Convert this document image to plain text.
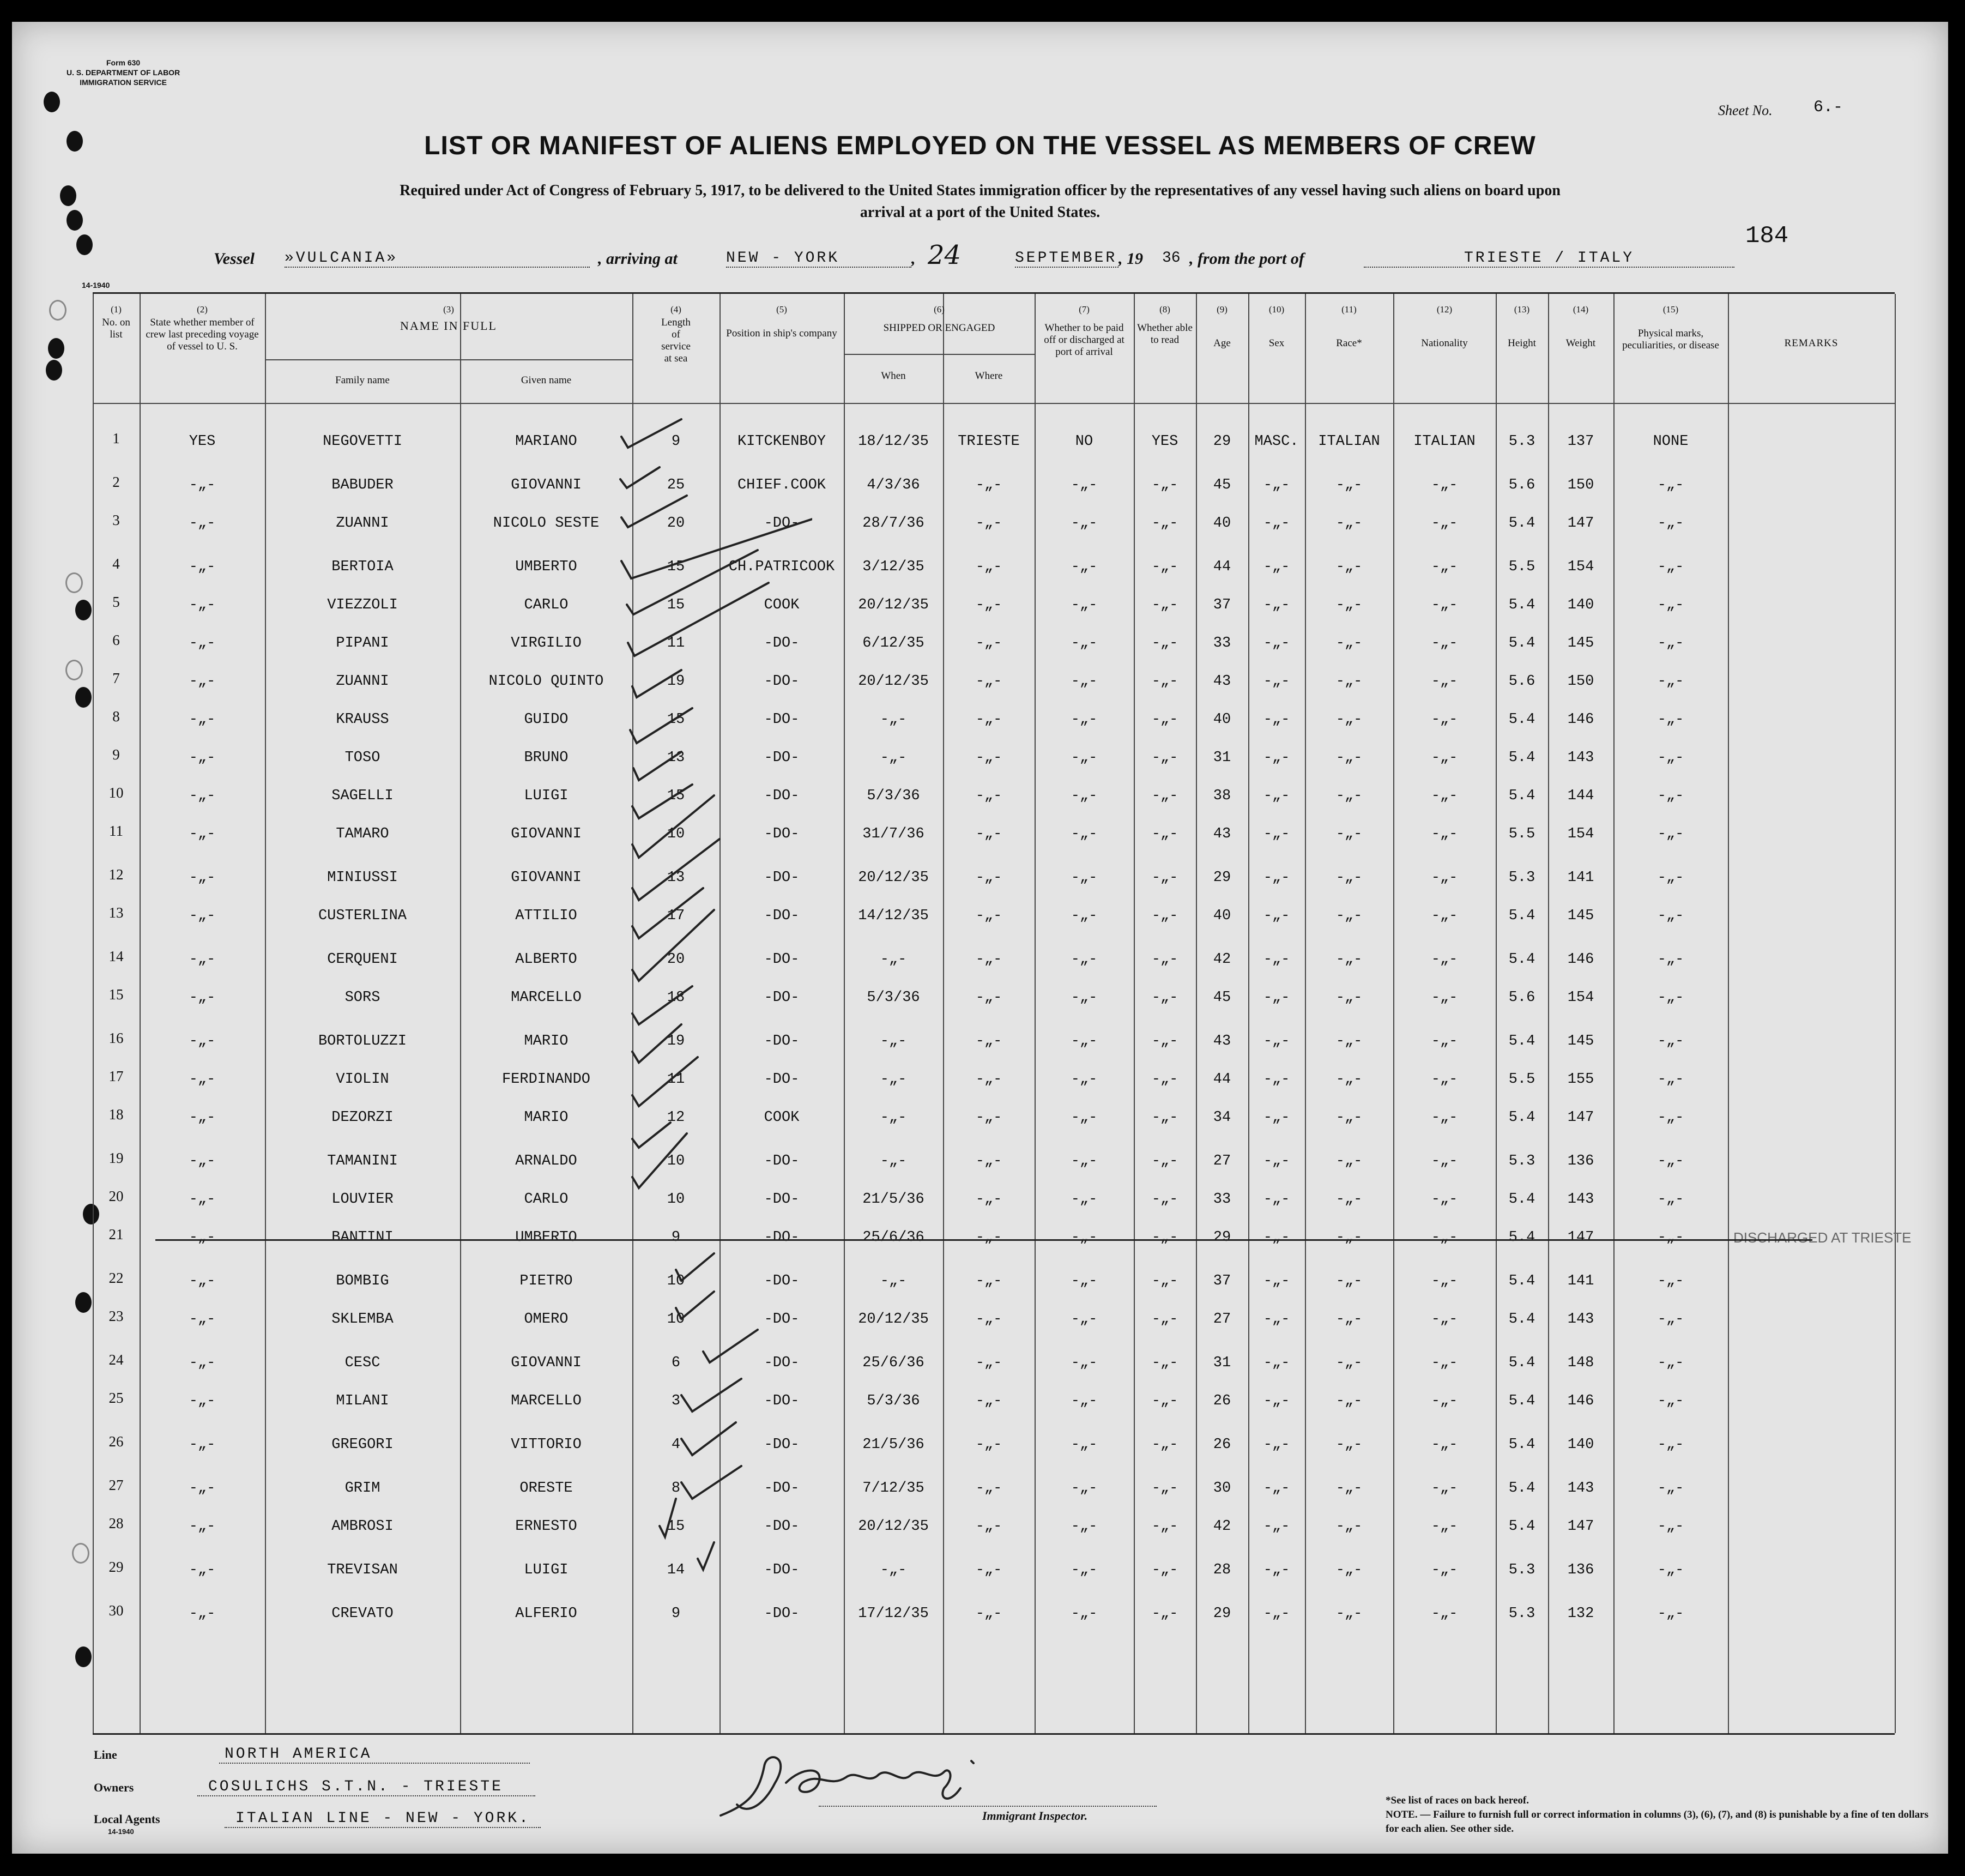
Form 630
U. S. DEPARTMENT OF LABOR
IMMIGRATION SERVICE
Sheet No.	6.-
LIST OR MANIFEST OF ALIENS EMPLOYED ON THE VESSEL AS MEMBERS OF CREW
Required under Act of Congress of February 5, 1917, to be delivered to the United States immigration officer by the representatives of any vessel having such aliens on board upon
arrival at a port of the United States.
184
Vessel »VULCANIA»	, arriving at	NEW - YORK	, 24	SEPTEMBER , 19 36 , from the port of	TRIESTE / ITALY
14-1940
(1)
No. on list
(2)
State whether member of crew last preceding voyage of vessel to U. S.
(3)
NAME IN FULL
Family name	Given name
(4)
Length of service at sea
(5)
Position in ship's company
(6)
SHIPPED OR ENGAGED
When	Where
(7)
Whether to be paid off or discharged at port of arrival
(8)
Whether able to read
(9)
Age
(10)
Sex
(11)
Race*
(12)
Nationality
(13)
Height
(14)
Weight
(15)
Physical marks, peculiarities, or disease	REMARKS
1	YES	NEGOVETTI	MARIANO	9	KITCKENBOY	18/12/35	TRIESTE	NO	YES	29	MASC.	ITALIAN	ITALIAN	5.3	137	NONE
2	-„-	BABUDER	GIOVANNI	25	CHIEF.COOK	4/3/36	-„-	-„-	-„-	45	-„-	-„-	-„-	5.6	150	-„-
3	-„-	ZUANNI	NICOLO SESTE	20	-DO-	28/7/36	-„-	-„-	-„-	40	-„-	-„-	-„-	5.4	147	-„-
4	-„-	BERTOIA	UMBERTO	15	CH.PATRICOOK	3/12/35	-„-	-„-	-„-	44	-„-	-„-	-„-	5.5	154	-„-
5	-„-	VIEZZOLI	CARLO	15	COOK	20/12/35	-„-	-„-	-„-	37	-„-	-„-	-„-	5.4	140	-„-
6	-„-	PIPANI	VIRGILIO	11	-DO-	6/12/35	-„-	-„-	-„-	33	-„-	-„-	-„-	5.4	145	-„-
7	-„-	ZUANNI	NICOLO QUINTO	19	-DO-	20/12/35	-„-	-„-	-„-	43	-„-	-„-	-„-	5.6	150	-„-
8	-„-	KRAUSS	GUIDO	15	-DO-	-„-	-„-	-„-	-„-	40	-„-	-„-	-„-	5.4	146	-„-
9	-„-	TOSO	BRUNO	13	-DO-	-„-	-„-	-„-	-„-	31	-„-	-„-	-„-	5.4	143	-„-
10	-„-	SAGELLI	LUIGI	15	-DO-	5/3/36	-„-	-„-	-„-	38	-„-	-„-	-„-	5.4	144	-„-
11	-„-	TAMARO	GIOVANNI	10	-DO-	31/7/36	-„-	-„-	-„-	43	-„-	-„-	-„-	5.5	154	-„-
12	-„-	MINIUSSI	GIOVANNI	13	-DO-	20/12/35	-„-	-„-	-„-	29	-„-	-„-	-„-	5.3	141	-„-
13	-„-	CUSTERLINA	ATTILIO	17	-DO-	14/12/35	-„-	-„-	-„-	40	-„-	-„-	-„-	5.4	145	-„-
14	-„-	CERQUENI	ALBERTO	20	-DO-	-„-	-„-	-„-	-„-	42	-„-	-„-	-„-	5.4	146	-„-
15	-„-	SORS	MARCELLO	18	-DO-	5/3/36	-„-	-„-	-„-	45	-„-	-„-	-„-	5.6	154	-„-
16	-„-	BORTOLUZZI	MARIO	19	-DO-	-„-	-„-	-„-	-„-	43	-„-	-„-	-„-	5.4	145	-„-
17	-„-	VIOLIN	FERDINANDO	11	-DO-	-„-	-„-	-„-	-„-	44	-„-	-„-	-„-	5.5	155	-„-
18	-„-	DEZORZI	MARIO	12	COOK	-„-	-„-	-„-	-„-	34	-„-	-„-	-„-	5.4	147	-„-
19	-„-	TAMANINI	ARNALDO	10	-DO-	-„-	-„-	-„-	-„-	27	-„-	-„-	-„-	5.3	136	-„-
20	-„-	LOUVIER	CARLO	10	-DO-	21/5/36	-„-	-„-	-„-	33	-„-	-„-	-„-	5.4	143	-„-
21	-„-	BANTINI	UMBERTO	9	-DO-	25/6/36	-„-	-„-	-„-	29	-„-	-„-	-„-	5.4	147	-„-	DISCHARGED AT TRIESTE
22	-„-	BOMBIG	PIETRO	10	-DO-	-„-	-„-	-„-	-„-	37	-„-	-„-	-„-	5.4	141	-„-
23	-„-	SKLEMBA	OMERO	10	-DO-	20/12/35	-„-	-„-	-„-	27	-„-	-„-	-„-	5.4	143	-„-
24	-„-	CESC	GIOVANNI	6	-DO-	25/6/36	-„-	-„-	-„-	31	-„-	-„-	-„-	5.4	148	-„-
25	-„-	MILANI	MARCELLO	3	-DO-	5/3/36	-„-	-„-	-„-	26	-„-	-„-	-„-	5.4	146	-„-
26	-„-	GREGORI	VITTORIO	4	-DO-	21/5/36	-„-	-„-	-„-	26	-„-	-„-	-„-	5.4	140	-„-
27	-„-	GRIM	ORESTE	8	-DO-	7/12/35	-„-	-„-	-„-	30	-„-	-„-	-„-	5.4	143	-„-
28	-„-	AMBROSI	ERNESTO	15	-DO-	20/12/35	-„-	-„-	-„-	42	-„-	-„-	-„-	5.4	147	-„-
29	-„-	TREVISAN	LUIGI	14	-DO-	-„-	-„-	-„-	-„-	28	-„-	-„-	-„-	5.3	136	-„-
30	-„-	CREVATO	ALFERIO	9	-DO-	17/12/35	-„-	-„-	-„-	29	-„-	-„-	-„-	5.3	132	-„-
Line	NORTH AMERICA
Owners	COSULICHS S.T.N. - TRIESTE
Local Agents	ITALIAN LINE - NEW - YORK.
14-1940
Immigrant Inspector.
*See list of races on back hereof.
NOTE. — Failure to furnish full or correct information in columns (3), (6), (7), and (8) is punishable by a fine of ten dollars for each alien. See other side.
